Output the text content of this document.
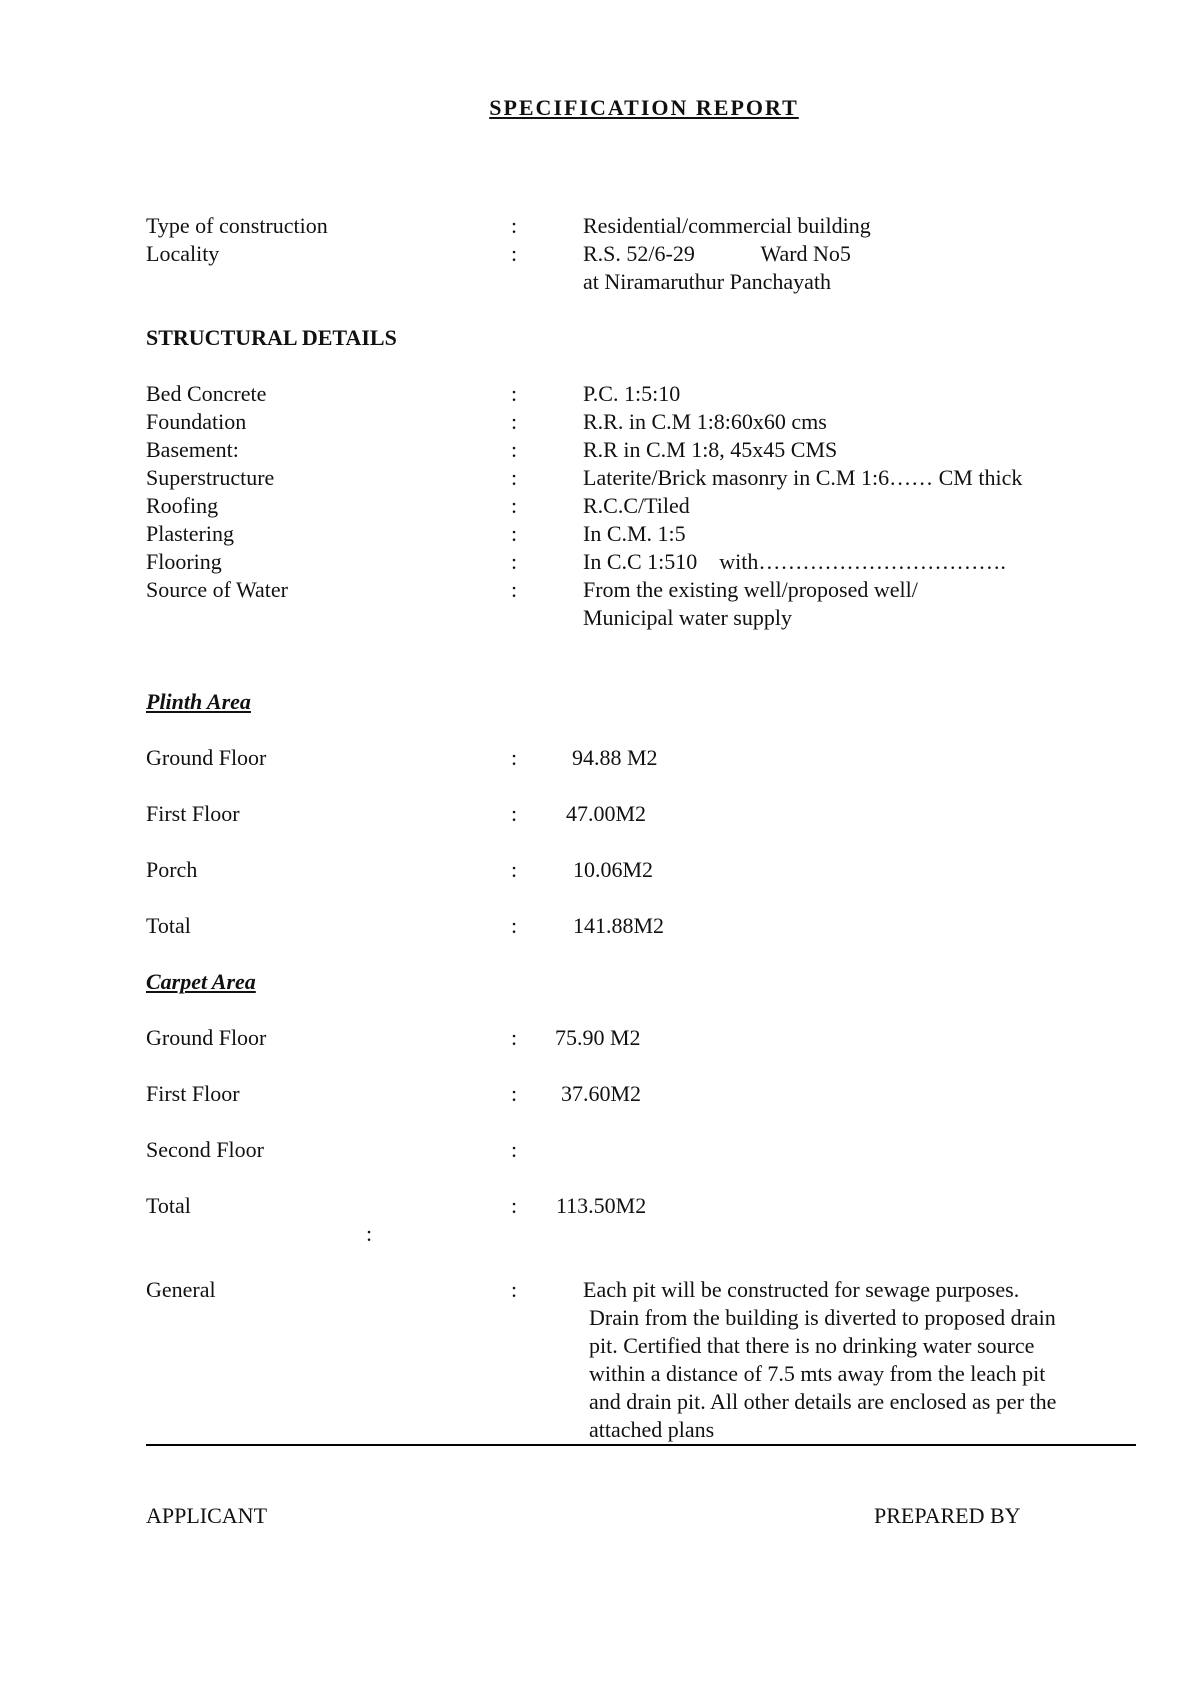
SPECIFICATION REPORT
Type of construction	:	Residential/commercial building
Locality	:	R.S. 52/6-29            Ward No5
at Niramaruthur Panchayath
STRUCTURAL DETAILS
Bed Concrete	:	P.C. 1:5:10
Foundation	:	R.R. in C.M 1:8:60x60 cms
Basement:	:	R.R in C.M 1:8, 45x45 CMS
Superstructure	:	Laterite/Brick masonry in C.M 1:6…… CM thick
Roofing	:	R.C.C/Tiled
Plastering	:	In C.M. 1:5
Flooring	:	In C.C 1:510    with…………………………….
Source of Water	:	From the existing well/proposed well/
Municipal water supply
Plinth Area
Ground Floor	: 94.88 M2
First Floor	: 47.00M2
Porch	:	10.06M2
Total	:	141.88M2
Carpet Area
Ground Floor	: 75.90 M2
First Floor	: 37.60M2
Second Floor	:
Total	: 113.50M2
:
General	:	Each pit will be constructed for sewage purposes.
Drain from the building is diverted to proposed drain
pit. Certified that there is no drinking water source
within a distance of 7.5 mts away from the leach pit
and drain pit. All other details are enclosed as per the
attached plans
APPLICANT	PREPARED BY
